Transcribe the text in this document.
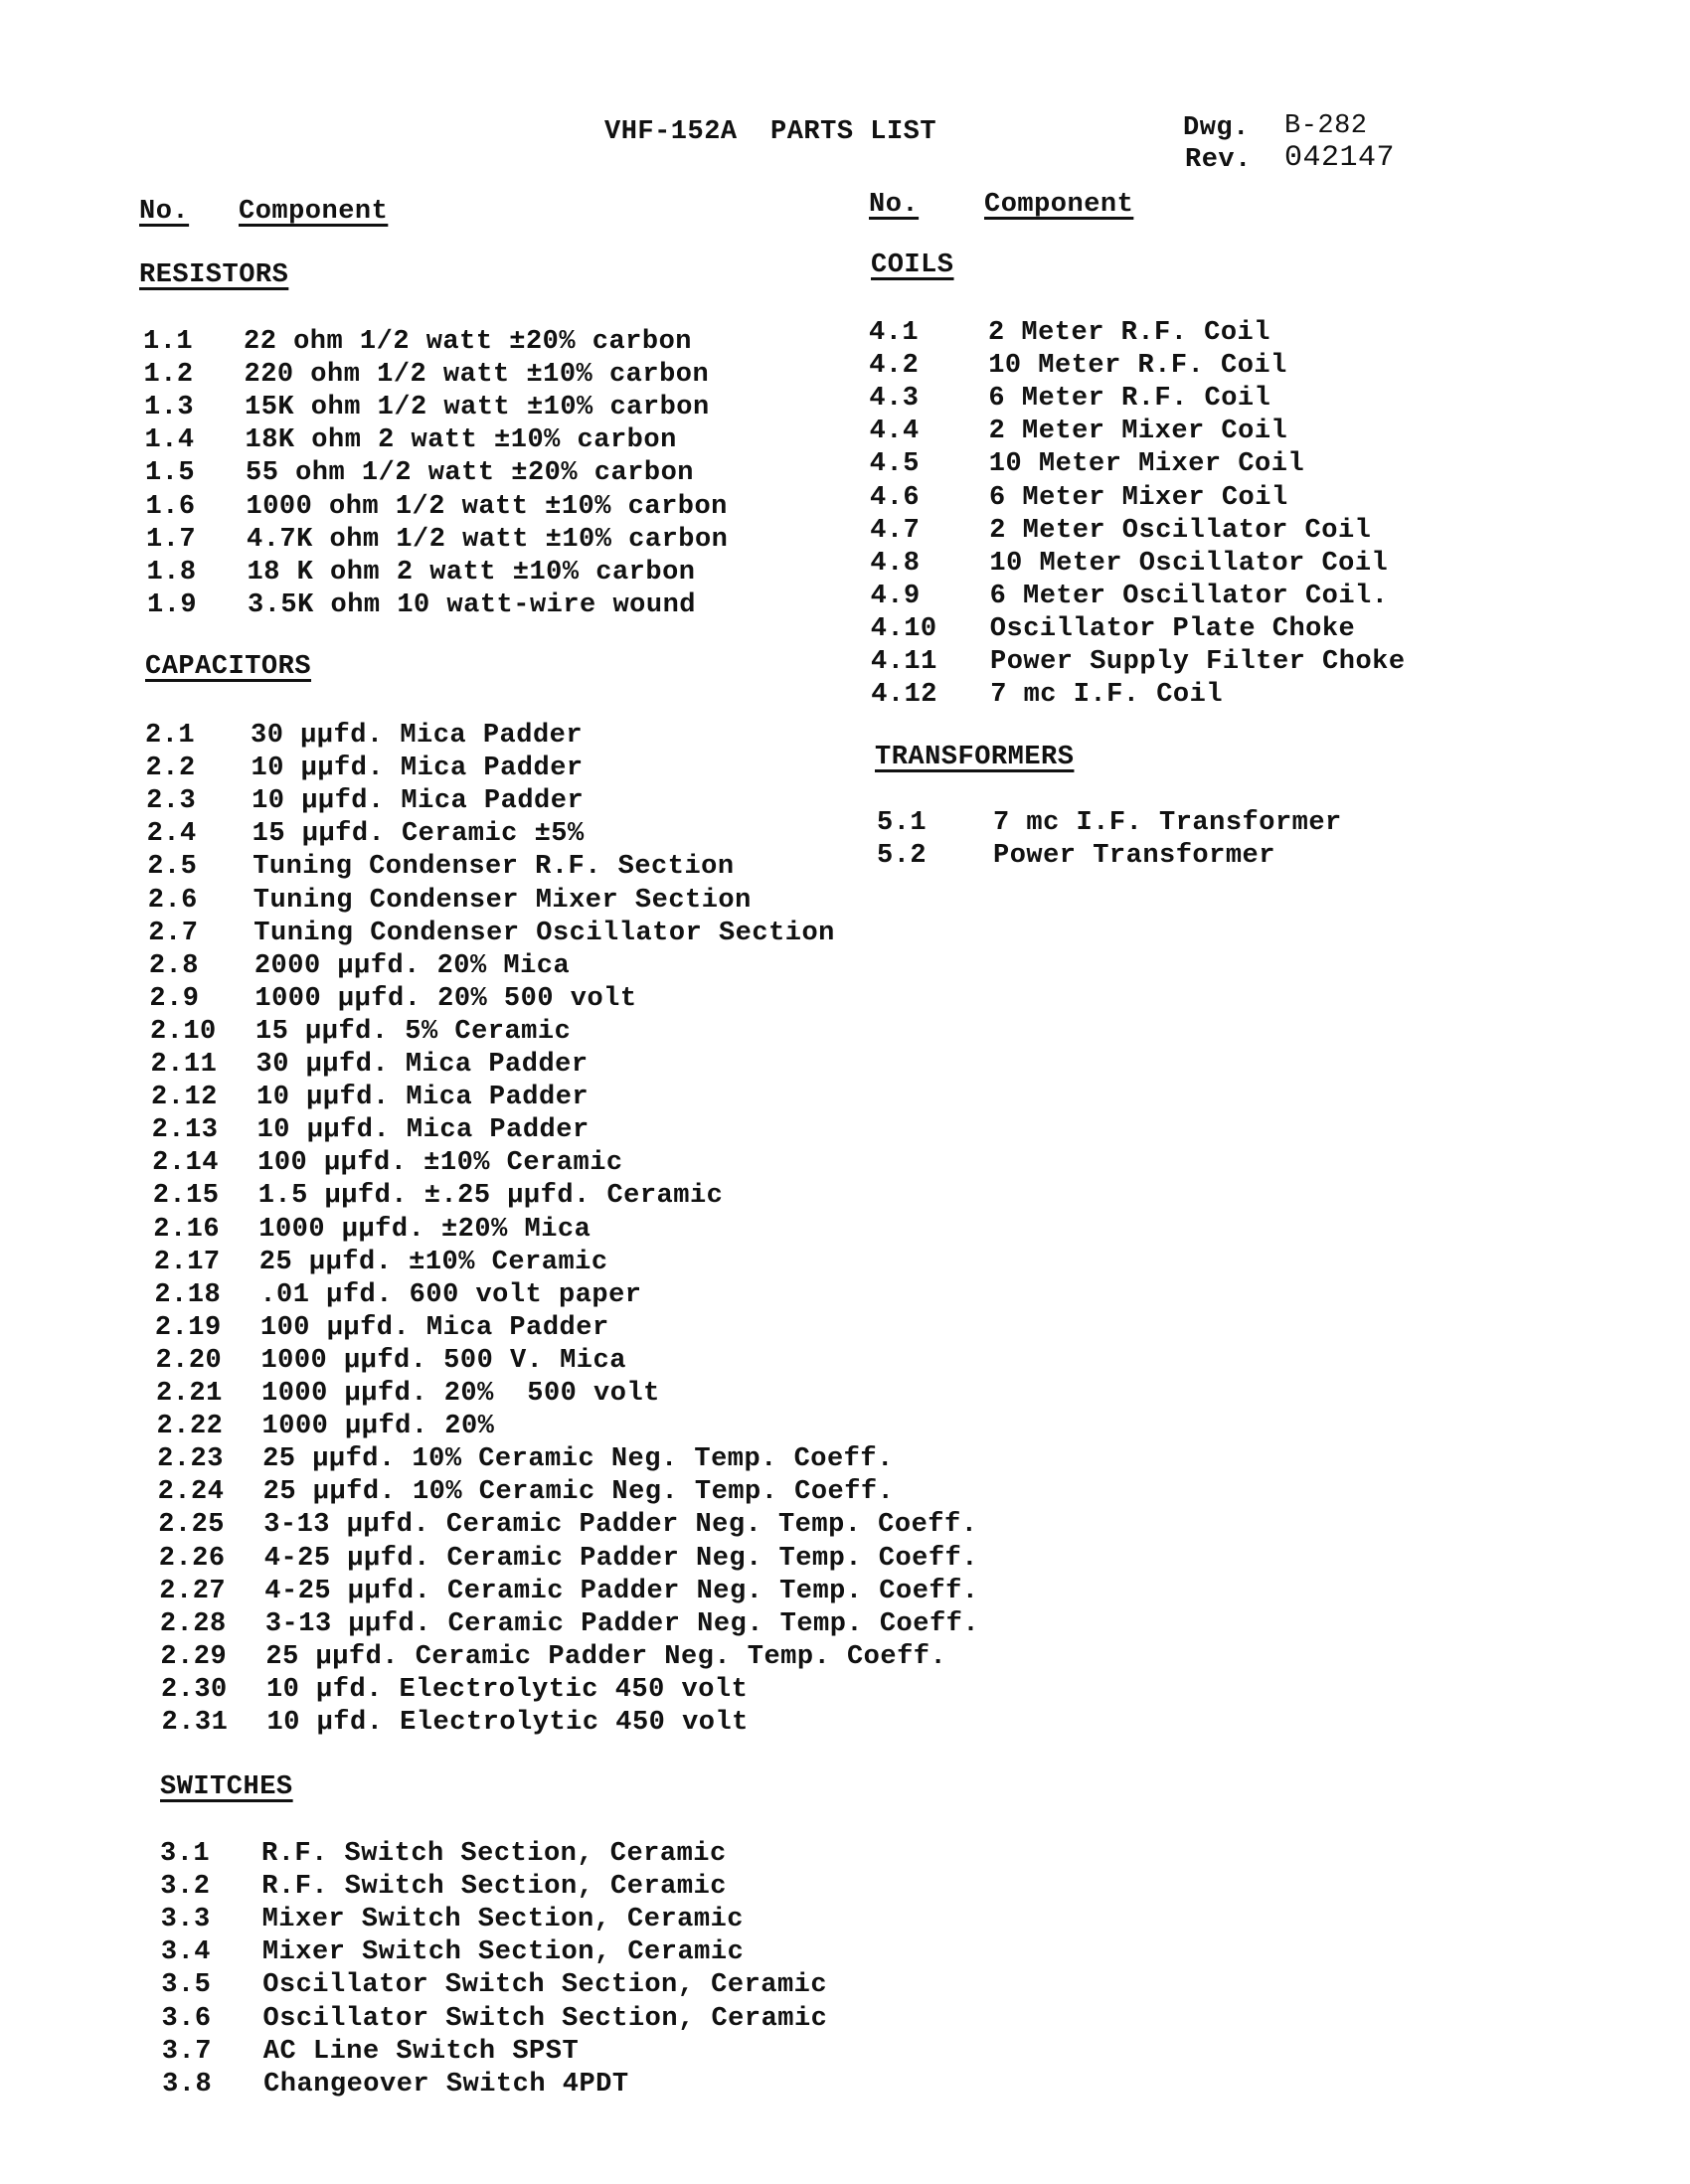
VHF-152A  PARTS LIST	Dwg. B-282
Rev. 042147
No. Component	No. Component
RESISTORS
1.1 22 ohm 1/2 watt ±20% carbon
1.2 220 ohm 1/2 watt ±10% carbon
1.3 15K ohm 1/2 watt ±10% carbon
1.4 18K ohm 2 watt ±10% carbon
1.5 55 ohm 1/2 watt ±20% carbon
1.6 1000 ohm 1/2 watt ±10% carbon
1.7 4.7K ohm 1/2 watt ±10% carbon
1.8 18 K ohm 2 watt ±10% carbon
1.9 3.5K ohm 10 watt-wire wound
CAPACITORS
2.1 30 μμfd. Mica Padder
2.2 10 μμfd. Mica Padder
2.3 10 μμfd. Mica Padder
2.4 15 μμfd. Ceramic ±5%
2.5 Tuning Condenser R.F. Section
2.6 Tuning Condenser Mixer Section
2.7 Tuning Condenser Oscillator Section
2.8 2000 μμfd. 20% Mica
2.9 1000 μμfd. 20% 500 volt
2.10 15 μμfd. 5% Ceramic
2.11 30 μμfd. Mica Padder
2.12 10 μμfd. Mica Padder
2.13 10 μμfd. Mica Padder
2.14 100 μμfd. ±10% Ceramic
2.15 1.5 μμfd. ±.25 μμfd. Ceramic
2.16 1000 μμfd. ±20% Mica
2.17 25 μμfd. ±10% Ceramic
2.18 .01 μfd. 600 volt paper
2.19 100 μμfd. Mica Padder
2.20 1000 μμfd. 500 V. Mica
2.21 1000 μμfd. 20%  500 volt
2.22 1000 μμfd. 20%
2.23 25 μμfd. 10% Ceramic Neg. Temp. Coeff.
2.24 25 μμfd. 10% Ceramic Neg. Temp. Coeff.
2.25 3-13 μμfd. Ceramic Padder Neg. Temp. Coeff.
2.26 4-25 μμfd. Ceramic Padder Neg. Temp. Coeff.
2.27 4-25 μμfd. Ceramic Padder Neg. Temp. Coeff.
2.28 3-13 μμfd. Ceramic Padder Neg. Temp. Coeff.
2.29 25 μμfd. Ceramic Padder Neg. Temp. Coeff.
2.30 10 μfd. Electrolytic 450 volt
2.31 10 μfd. Electrolytic 450 volt
SWITCHES
3.1 R.F. Switch Section, Ceramic
3.2 R.F. Switch Section, Ceramic
3.3 Mixer Switch Section, Ceramic
3.4 Mixer Switch Section, Ceramic
3.5 Oscillator Switch Section, Ceramic
3.6 Oscillator Switch Section, Ceramic
3.7 AC Line Switch SPST
3.8 Changeover Switch 4PDT
COILS
4.1	2 Meter R.F. Coil
4.2	10 Meter R.F. Coil
4.3	6 Meter R.F. Coil
4.4	2 Meter Mixer Coil
4.5	10 Meter Mixer Coil
4.6	6 Meter Mixer Coil
4.7	2 Meter Oscillator Coil
4.8	10 Meter Oscillator Coil
4.9	6 Meter Oscillator Coil.
4.10 Oscillator Plate Choke
4.11 Power Supply Filter Choke
4.12 7 mc I.F. Coil
TRANSFORMERS
5.1 7 mc I.F. Transformer
5.2 Power Transformer
